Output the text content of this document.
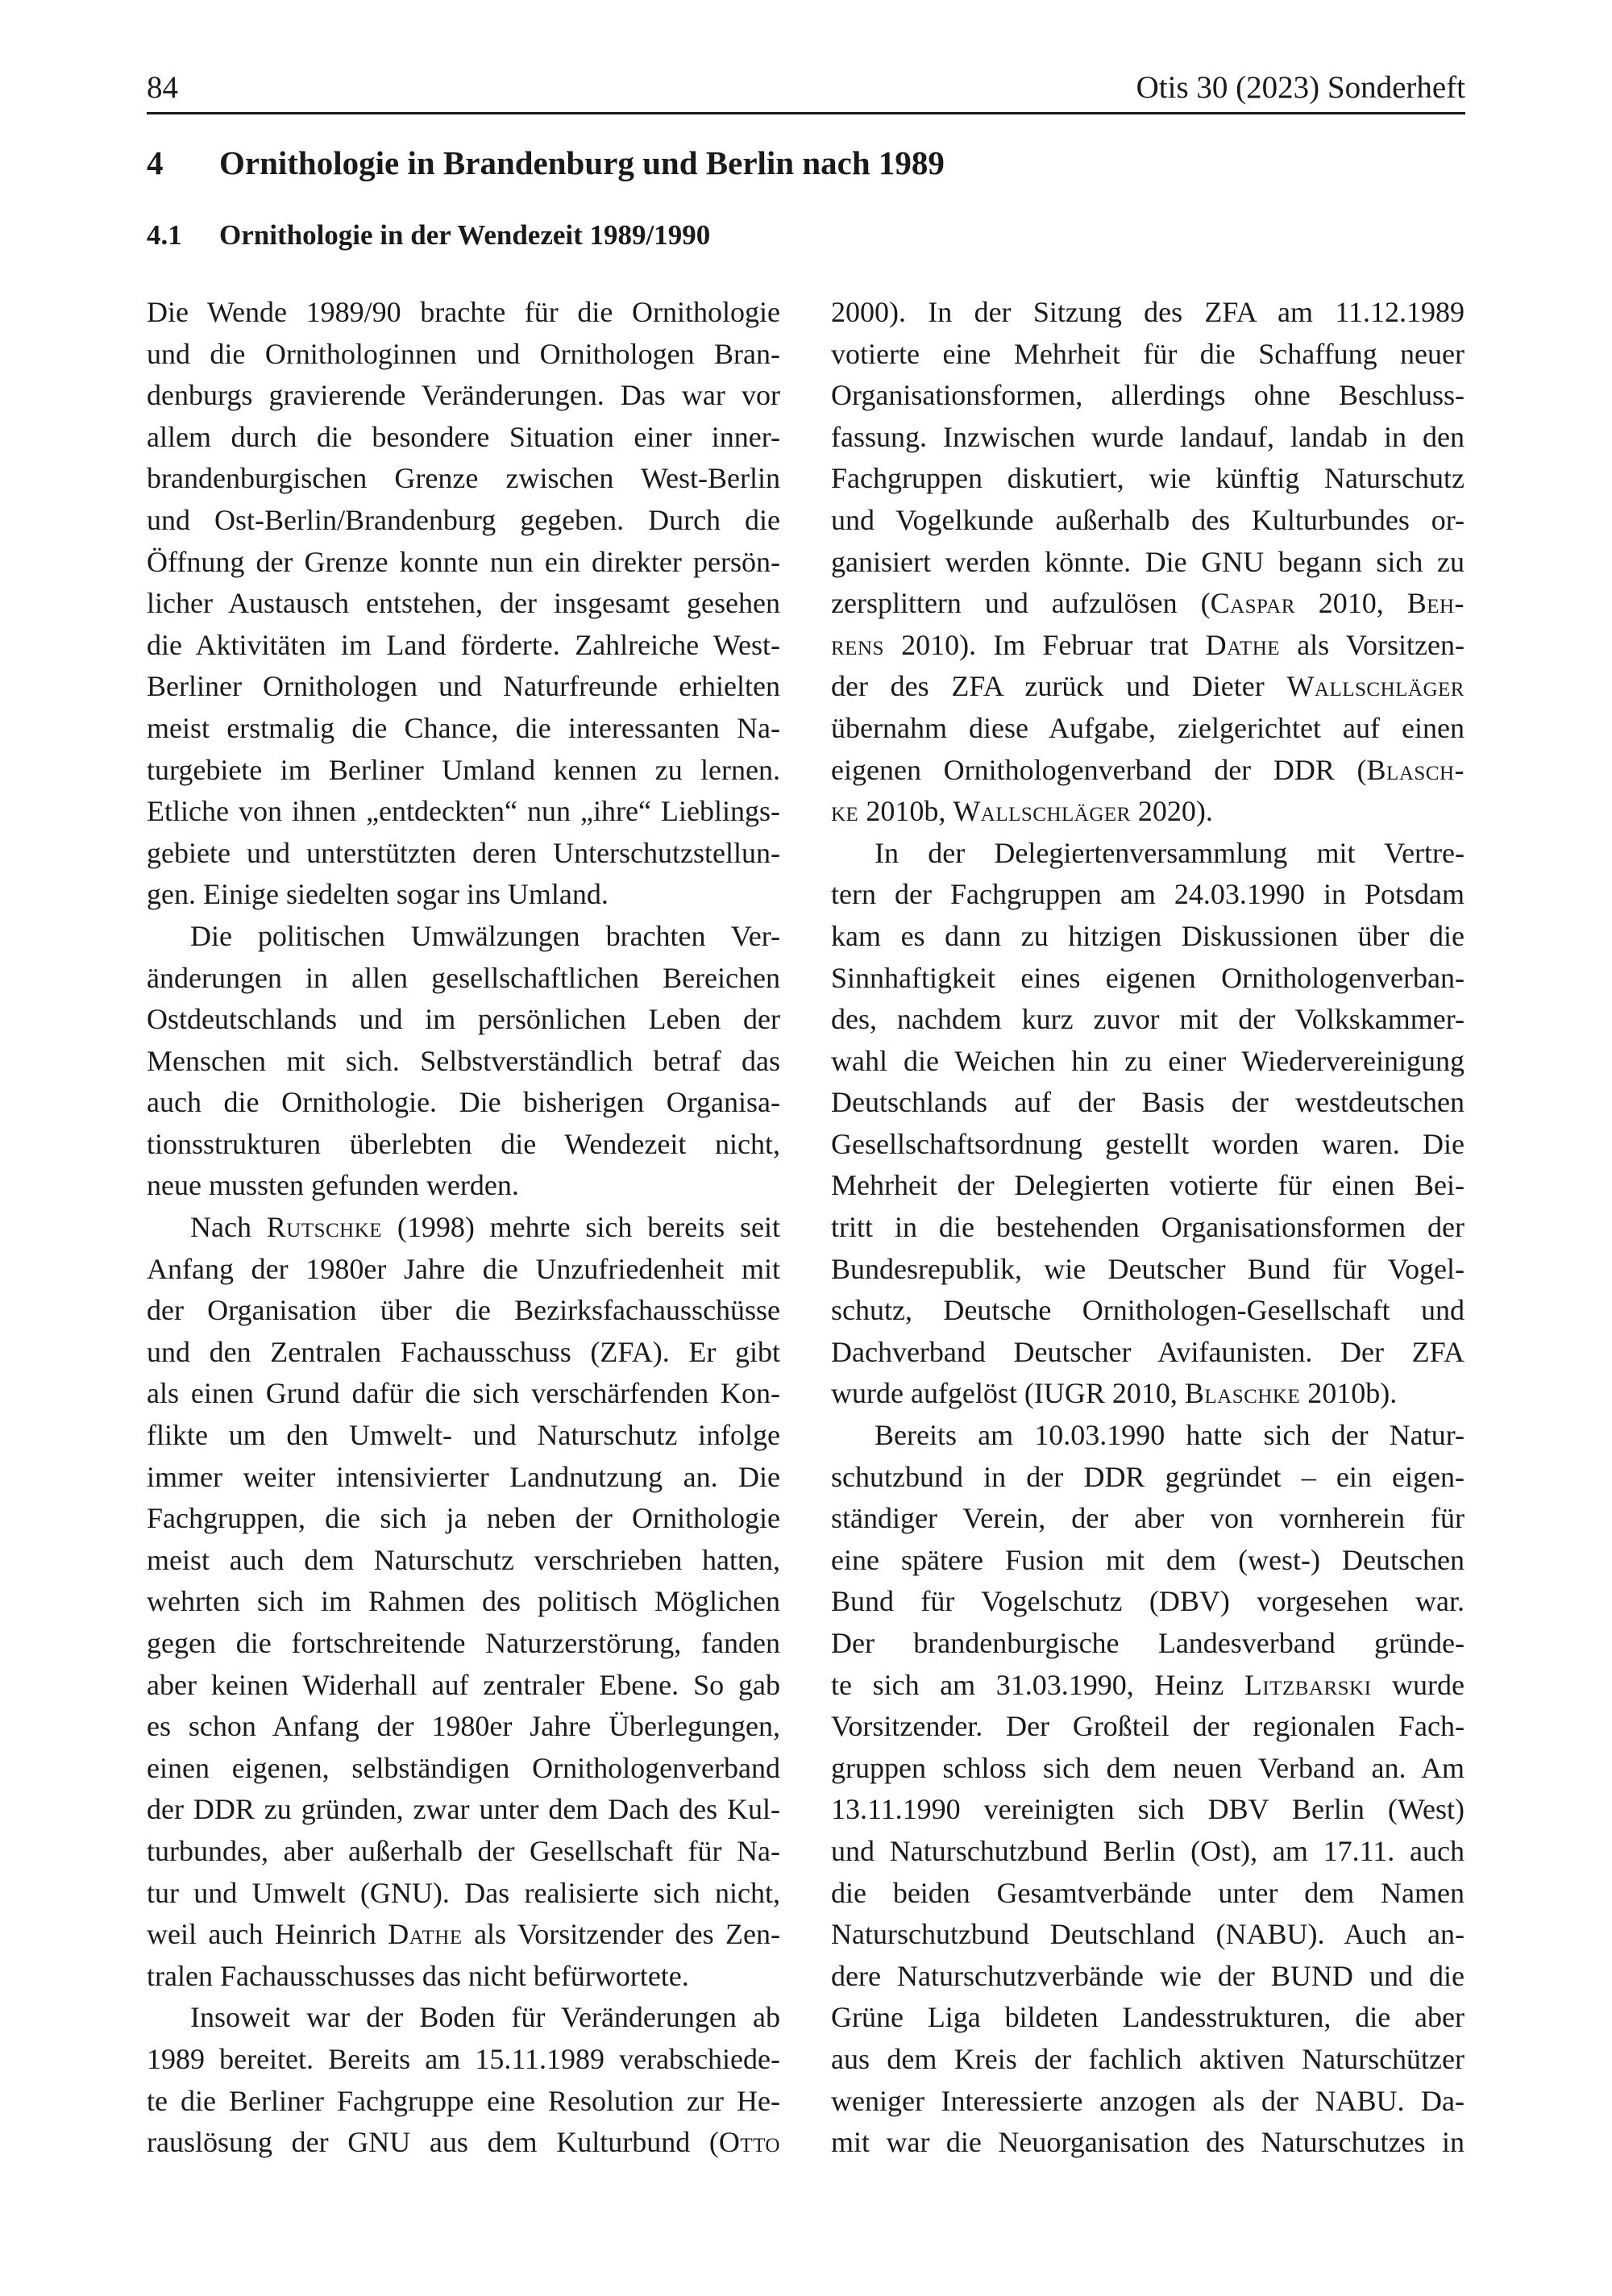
84	Otis 30 (2023) Sonderheft
4 Ornithologie in Brandenburg und Berlin nach 1989
4.1 Ornithologie in der Wendezeit 1989/1990
Die Wende 1989/90 brachte für die Ornithologie
und die Ornithologinnen und Ornithologen Bran-
denburgs gravierende Veränderungen. Das war vor
allem durch die besondere Situation einer inner-
brandenburgischen Grenze zwischen West-Berlin
und Ost-Berlin/Brandenburg gegeben. Durch die
Öffnung der Grenze konnte nun ein direkter persön-
licher Austausch entstehen, der insgesamt gesehen
die Aktivitäten im Land förderte. Zahlreiche West-
Berliner Ornithologen und Naturfreunde erhielten
meist erstmalig die Chance, die interessanten Na-
turgebiete im Berliner Umland kennen zu lernen.
Etliche von ihnen „entdeckten“ nun „ihre“ Lieblings-
gebiete und unterstützten deren Unterschutzstellun-
gen. Einige siedelten sogar ins Umland.
Die politischen Umwälzungen brachten Ver-
änderungen in allen gesellschaftlichen Bereichen
Ostdeutschlands und im persönlichen Leben der
Menschen mit sich. Selbstverständlich betraf das
auch die Ornithologie. Die bisherigen Organisa-
tionsstrukturen überlebten die Wendezeit nicht,
neue mussten gefunden werden.
Nach Rutschke (1998) mehrte sich bereits seit
Anfang der 1980er Jahre die Unzufriedenheit mit
der Organisation über die Bezirksfachausschüsse
und den Zentralen Fachausschuss (ZFA). Er gibt
als einen Grund dafür die sich verschärfenden Kon-
flikte um den Umwelt- und Naturschutz infolge
immer weiter intensivierter Landnutzung an. Die
Fachgruppen, die sich ja neben der Ornithologie
meist auch dem Naturschutz verschrieben hatten,
wehrten sich im Rahmen des politisch Möglichen
gegen die fortschreitende Naturzerstörung, fanden
aber keinen Widerhall auf zentraler Ebene. So gab
es schon Anfang der 1980er Jahre Überlegungen,
einen eigenen, selbständigen Ornithologenverband
der DDR zu gründen, zwar unter dem Dach des Kul-
turbundes, aber außerhalb der Gesellschaft für Na-
tur und Umwelt (GNU). Das realisierte sich nicht,
weil auch Heinrich Dathe als Vorsitzender des Zen-
tralen Fachausschusses das nicht befürwortete.
Insoweit war der Boden für Veränderungen ab
1989 bereitet. Bereits am 15.11.1989 verabschiede-
te die Berliner Fachgruppe eine Resolution zur He-
rauslösung der GNU aus dem Kulturbund (Otto
2000). In der Sitzung des ZFA am 11.12.1989
votierte eine Mehrheit für die Schaffung neuer
Organisationsformen, allerdings ohne Beschluss-
fassung. Inzwischen wurde landauf, landab in den
Fachgruppen diskutiert, wie künftig Naturschutz
und Vogelkunde außerhalb des Kulturbundes or-
ganisiert werden könnte. Die GNU begann sich zu
zersplittern und aufzulösen (Caspar 2010, Beh-
rens 2010). Im Februar trat Dathe als Vorsitzen-
der des ZFA zurück und Dieter Wallschläger
übernahm diese Aufgabe, zielgerichtet auf einen
eigenen Ornithologenverband der DDR (Blasch-
ke 2010b, Wallschläger 2020).
In der Delegiertenversammlung mit Vertre-
tern der Fachgruppen am 24.03.1990 in Potsdam
kam es dann zu hitzigen Diskussionen über die
Sinnhaftigkeit eines eigenen Ornithologenverban-
des, nachdem kurz zuvor mit der Volkskammer-
wahl die Weichen hin zu einer Wiedervereinigung
Deutschlands auf der Basis der westdeutschen
Gesellschaftsordnung gestellt worden waren. Die
Mehrheit der Delegierten votierte für einen Bei-
tritt in die bestehenden Organisationsformen der
Bundesrepublik, wie Deutscher Bund für Vogel-
schutz, Deutsche Ornithologen-Gesellschaft und
Dachverband Deutscher Avifaunisten. Der ZFA
wurde aufgelöst (IUGR 2010, Blaschke 2010b).
Bereits am 10.03.1990 hatte sich der Natur-
schutzbund in der DDR gegründet – ein eigen-
ständiger Verein, der aber von vornherein für
eine spätere Fusion mit dem (west-) Deutschen
Bund für Vogelschutz (DBV) vorgesehen war.
Der brandenburgische Landesverband gründe-
te sich am 31.03.1990, Heinz Litzbarski wurde
Vorsitzender. Der Großteil der regionalen Fach-
gruppen schloss sich dem neuen Verband an. Am
13.11.1990 vereinigten sich DBV Berlin (West)
und Naturschutzbund Berlin (Ost), am 17.11. auch
die beiden Gesamtverbände unter dem Namen
Naturschutzbund Deutschland (NABU). Auch an-
dere Naturschutzverbände wie der BUND und die
Grüne Liga bildeten Landesstrukturen, die aber
aus dem Kreis der fachlich aktiven Naturschützer
weniger Interessierte anzogen als der NABU. Da-
mit war die Neuorganisation des Naturschutzes in
